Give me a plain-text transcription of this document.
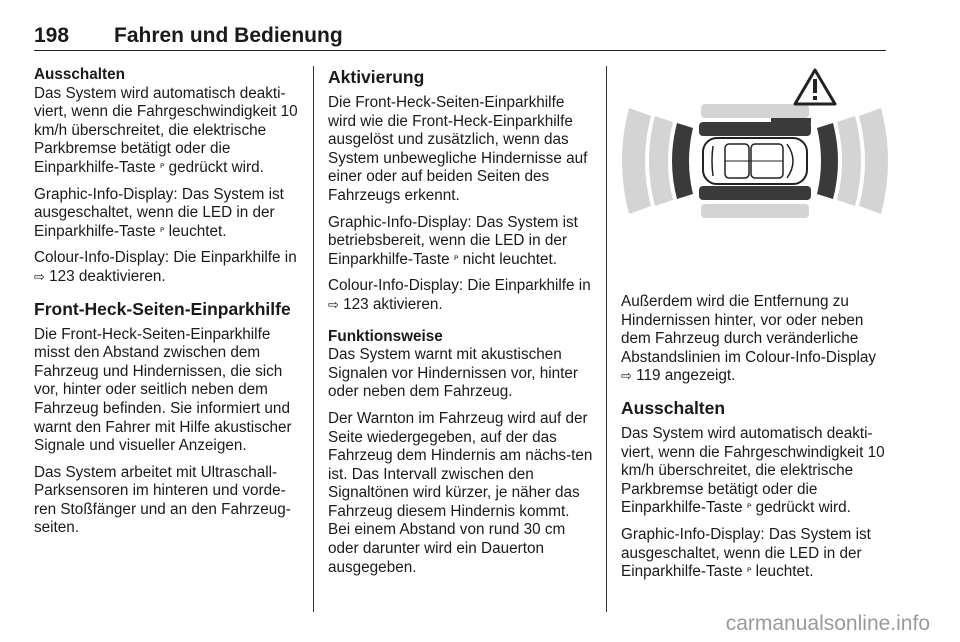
198 Fahren und Bedienung
Ausschalten

Das System wird automatisch deakti-viert, wenn die Fahrgeschwindigkeit 10 km/h überschreitet, die elektrische Parkbremse betätigt oder die Einparkhilfe-Taste ᴾ gedrückt wird.

Graphic-Info-Display: Das System ist ausgeschaltet, wenn die LED in der Einparkhilfe-Taste ᴾ leuchtet.

Colour-Info-Display: Die Einparkhilfe in ⇨ 123 deaktivieren.

Front-Heck-Seiten-Einparkhilfe

Die Front-Heck-Seiten-Einparkhilfe misst den Abstand zwischen dem Fahrzeug und Hindernissen, die sich vor, hinter oder seitlich neben dem Fahrzeug befinden. Sie informiert und warnt den Fahrer mit Hilfe akustischer Signale und visueller Anzeigen.

Das System arbeitet mit Ultraschall-Parksensoren im hinteren und vorde-ren Stoßfänger und an den Fahrzeug-seiten.

Aktivierung

Die Front-Heck-Seiten-Einparkhilfe wird wie die Front-Heck-Einparkhilfe ausgelöst und zusätzlich, wenn das System unbewegliche Hindernisse auf einer oder auf beiden Seiten des Fahrzeugs erkennt.

Graphic-Info-Display: Das System ist betriebsbereit, wenn die LED in der Einparkhilfe-Taste ᴾ nicht leuchtet.

Colour-Info-Display: Die Einparkhilfe in ⇨ 123 aktivieren.

Funktionsweise

Das System warnt mit akustischen Signalen vor Hindernissen vor, hinter oder neben dem Fahrzeug.

Der Warnton im Fahrzeug wird auf der Seite wiedergegeben, auf der das Fahrzeug dem Hindernis am nächs-ten ist. Das Intervall zwischen den Signaltönen wird kürzer, je näher das Fahrzeug diesem Hindernis kommt. Bei einem Abstand von rund 30 cm oder darunter wird ein Dauerton ausgegeben.

Außerdem wird die Entfernung zu Hindernissen hinter, vor oder neben dem Fahrzeug durch veränderliche Abstandslinien im Colour-Info-Display ⇨ 119 angezeigt.

Ausschalten

Das System wird automatisch deakti-viert, wenn die Fahrgeschwindigkeit 10 km/h überschreitet, die elektrische Parkbremse betätigt oder die Einparkhilfe-Taste ᴾ gedrückt wird.

Graphic-Info-Display: Das System ist ausgeschaltet, wenn die LED in der Einparkhilfe-Taste ᴾ leuchtet.

carmanualsonline.info
